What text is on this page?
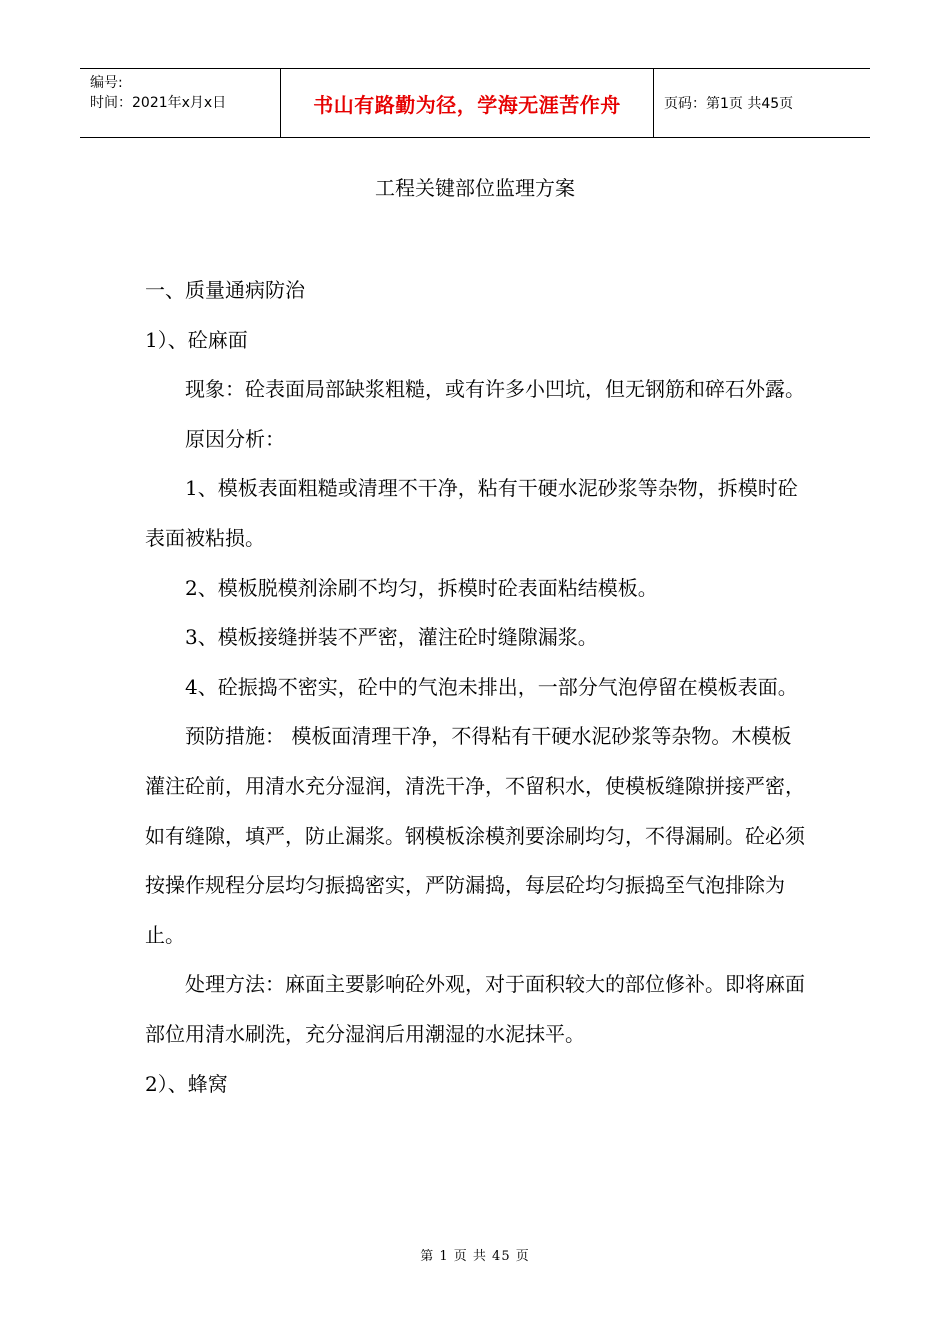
编号:
时间：2021年x月x日	书山有路勤为径，学海无涯苦作舟	页码：第1页 共45页
工程关键部位监理方案

一、质量通病防治

1）、砼麻面

现象：砼表面局部缺浆粗糙，或有许多小凹坑，但无钢筋和碎石外露。

原因分析：

1、模板表面粗糙或清理不干净，粘有干硬水泥砂浆等杂物，拆模时砼表面被粘损。

2、模板脱模剂涂刷不均匀，拆模时砼表面粘结模板。

3、模板接缝拼装不严密，灌注砼时缝隙漏浆。

4、砼振捣不密实，砼中的气泡未排出，一部分气泡停留在模板表面。

预防措施： 模板面清理干净，不得粘有干硬水泥砂浆等杂物。木模板灌注砼前，用清水充分湿润，清洗干净，不留积水，使模板缝隙拼接严密，如有缝隙，填严，防止漏浆。钢模板涂模剂要涂刷均匀，不得漏刷。砼必须按操作规程分层均匀振捣密实，严防漏捣，每层砼均匀振捣至气泡排除为止。

处理方法：麻面主要影响砼外观，对于面积较大的部位修补。即将麻面部位用清水刷洗，充分湿润后用潮湿的水泥抹平。

2）、蜂窝

第 1 页 共 45 页
